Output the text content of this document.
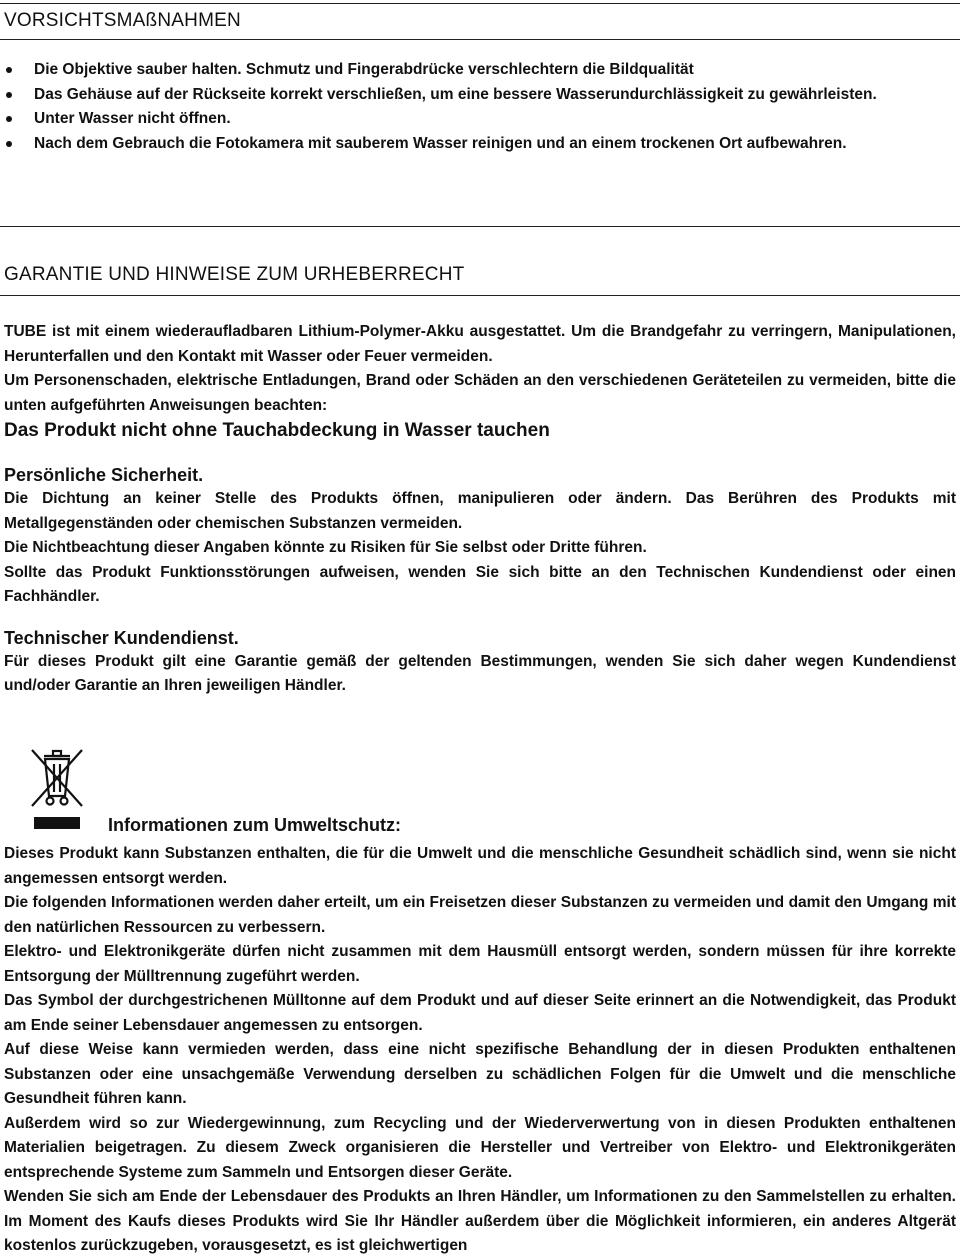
VORSICHTSMAßNAHMEN
Die Objektive sauber halten. Schmutz und Fingerabdrücke verschlechtern die Bildqualität
Das Gehäuse auf der Rückseite korrekt verschließen, um eine bessere Wasserundurchlässigkeit zu gewährleisten.
Unter Wasser nicht öffnen.
Nach dem Gebrauch die Fotokamera mit sauberem Wasser reinigen und an einem trockenen Ort aufbewahren.
GARANTIE UND HINWEISE ZUM URHEBERRECHT

TUBE ist mit einem wiederaufladbaren Lithium-Polymer-Akku ausgestattet. Um die Brandgefahr zu verringern, Manipulationen, Herunterfallen und den Kontakt mit Wasser oder Feuer vermeiden.

Um Personenschaden, elektrische Entladungen, Brand oder Schäden an den verschiedenen Geräteteilen zu vermeiden, bitte die unten aufgeführten Anweisungen beachten:

Das Produkt nicht ohne Tauchabdeckung in Wasser tauchen

Persönliche Sicherheit.

Die Dichtung an keiner Stelle des Produkts öffnen, manipulieren oder ändern. Das Berühren des Produkts mit Metallgegenständen oder chemischen Substanzen vermeiden.

Die Nichtbeachtung dieser Angaben könnte zu Risiken für Sie selbst oder Dritte führen.

Sollte das Produkt Funktionsstörungen aufweisen, wenden Sie sich bitte an den Technischen Kundendienst oder einen Fachhändler.

Technischer Kundendienst.

Für dieses Produkt gilt eine Garantie gemäß der geltenden Bestimmungen, wenden Sie sich daher wegen Kundendienst und/oder Garantie an Ihren jeweiligen Händler.

Informationen zum Umweltschutz:

Dieses Produkt kann Substanzen enthalten, die für die Umwelt und die menschliche Gesundheit schädlich sind, wenn sie nicht angemessen entsorgt werden.

Die folgenden Informationen werden daher erteilt, um ein Freisetzen dieser Substanzen zu vermeiden und damit den Umgang mit den natürlichen Ressourcen zu verbessern.

Elektro- und Elektronikgeräte dürfen nicht zusammen mit dem Hausmüll entsorgt werden, sondern müssen für ihre korrekte Entsorgung der Mülltrennung zugeführt werden.

Das Symbol der durchgestrichenen Mülltonne auf dem Produkt und auf dieser Seite erinnert an die Notwendigkeit, das Produkt am Ende seiner Lebensdauer angemessen zu entsorgen.

Auf diese Weise kann vermieden werden, dass eine nicht spezifische Behandlung der in diesen Produkten enthaltenen Substanzen oder eine unsachgemäße Verwendung derselben zu schädlichen Folgen für die Umwelt und die menschliche Gesundheit führen kann.

Außerdem wird so zur Wiedergewinnung, zum Recycling und der Wiederverwertung von in diesen Produkten enthaltenen Materialien beigetragen. Zu diesem Zweck organisieren die Hersteller und Vertreiber von Elektro- und Elektronikgeräten entsprechende Systeme zum Sammeln und Entsorgen dieser Geräte.

Wenden Sie sich am Ende der Lebensdauer des Produkts an Ihren Händler, um Informationen zu den Sammelstellen zu erhalten. Im Moment des Kaufs dieses Produkts wird Sie Ihr Händler außerdem über die Möglichkeit informieren, ein anderes Altgerät kostenlos zurückzugeben, vorausgesetzt, es ist gleichwertigen
